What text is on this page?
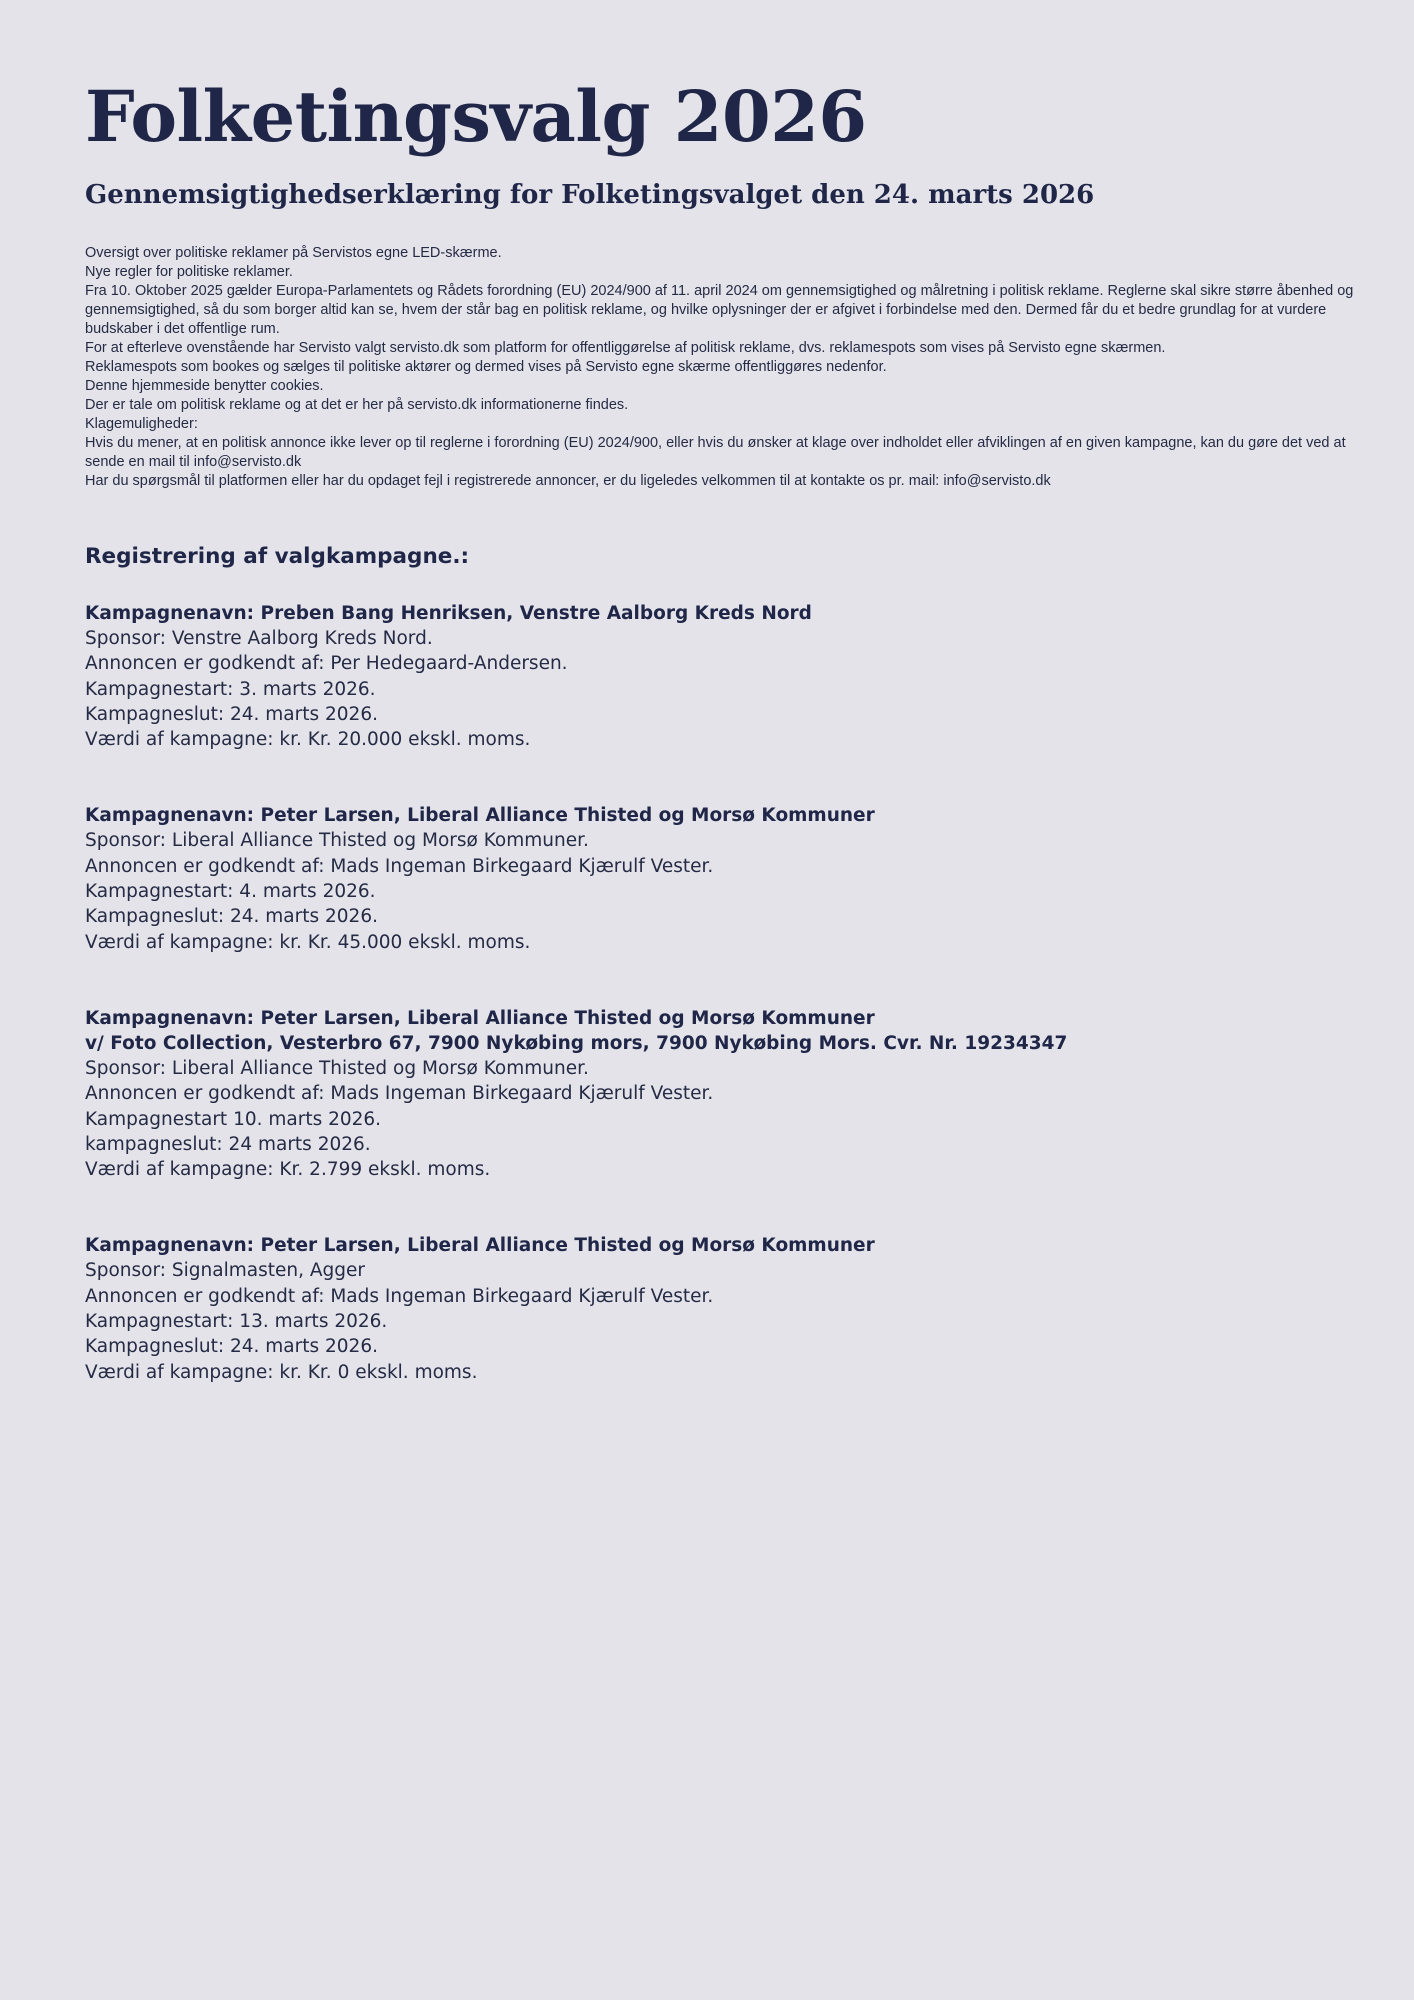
Folketingsvalg 2026
Gennemsigtighedserklæring for Folketingsvalget den 24. marts 2026

Oversigt over politiske reklamer på Servistos egne LED-skærme.

Nye regler for politiske reklamer.

Fra 10. Oktober 2025 gælder Europa-Parlamentets og Rådets forordning (EU) 2024/900 af 11. april 2024 om gennemsigtighed og målretning i politisk reklame. Reglerne skal sikre større åbenhed og gennemsigtighed, så du som borger altid kan se, hvem der står bag en politisk reklame, og hvilke oplysninger der er afgivet i forbindelse med den. Dermed får du et bedre grundlag for at vurdere budskaber i det offentlige rum.

For at efterleve ovenstående har Servisto valgt servisto.dk som platform for offentliggørelse af politisk reklame, dvs. reklamespots som vises på Servisto egne skærmen.

Reklamespots som bookes og sælges til politiske aktører og dermed vises på Servisto egne skærme offentliggøres nedenfor.

Denne hjemmeside benytter cookies.

Der er tale om politisk reklame og at det er her på servisto.dk informationerne findes.

Klagemuligheder:

Hvis du mener, at en politisk annonce ikke lever op til reglerne i forordning (EU) 2024/900, eller hvis du ønsker at klage over indholdet eller afviklingen af en given kampagne, kan du gøre det ved at sende en mail til info@servisto.dk

Har du spørgsmål til platformen eller har du opdaget fejl i registrerede annoncer, er du ligeledes velkommen til at kontakte os pr. mail: info@servisto.dk

Registrering af valgkampagne.:

Kampagnenavn: Preben Bang Henriksen, Venstre Aalborg Kreds Nord

Sponsor: Venstre Aalborg Kreds Nord.

Annoncen er godkendt af: Per Hedegaard-Andersen.

Kampagnestart: 3. marts 2026.

Kampagneslut: 24. marts 2026.

Værdi af kampagne: kr. Kr. 20.000 ekskl. moms.

Kampagnenavn: Peter Larsen, Liberal Alliance Thisted og Morsø Kommuner

Sponsor: Liberal Alliance Thisted og Morsø Kommuner.

Annoncen er godkendt af: Mads Ingeman Birkegaard Kjærulf Vester.

Kampagnestart: 4. marts 2026.

Kampagneslut: 24. marts 2026.

Værdi af kampagne: kr. Kr. 45.000 ekskl. moms.

Kampagnenavn: Peter Larsen, Liberal Alliance Thisted og Morsø Kommuner

v/ Foto Collection, Vesterbro 67, 7900 Nykøbing mors, 7900 Nykøbing Mors. Cvr. Nr. 19234347

Sponsor: Liberal Alliance Thisted og Morsø Kommuner.

Annoncen er godkendt af: Mads Ingeman Birkegaard Kjærulf Vester.

Kampagnestart 10. marts 2026.

kampagneslut: 24 marts 2026.

Værdi af kampagne: Kr. 2.799 ekskl. moms.

Kampagnenavn: Peter Larsen, Liberal Alliance Thisted og Morsø Kommuner

Sponsor: Signalmasten, Agger

Annoncen er godkendt af: Mads Ingeman Birkegaard Kjærulf Vester.

Kampagnestart: 13. marts 2026.

Kampagneslut: 24. marts 2026.

Værdi af kampagne: kr. Kr. 0 ekskl. moms.
